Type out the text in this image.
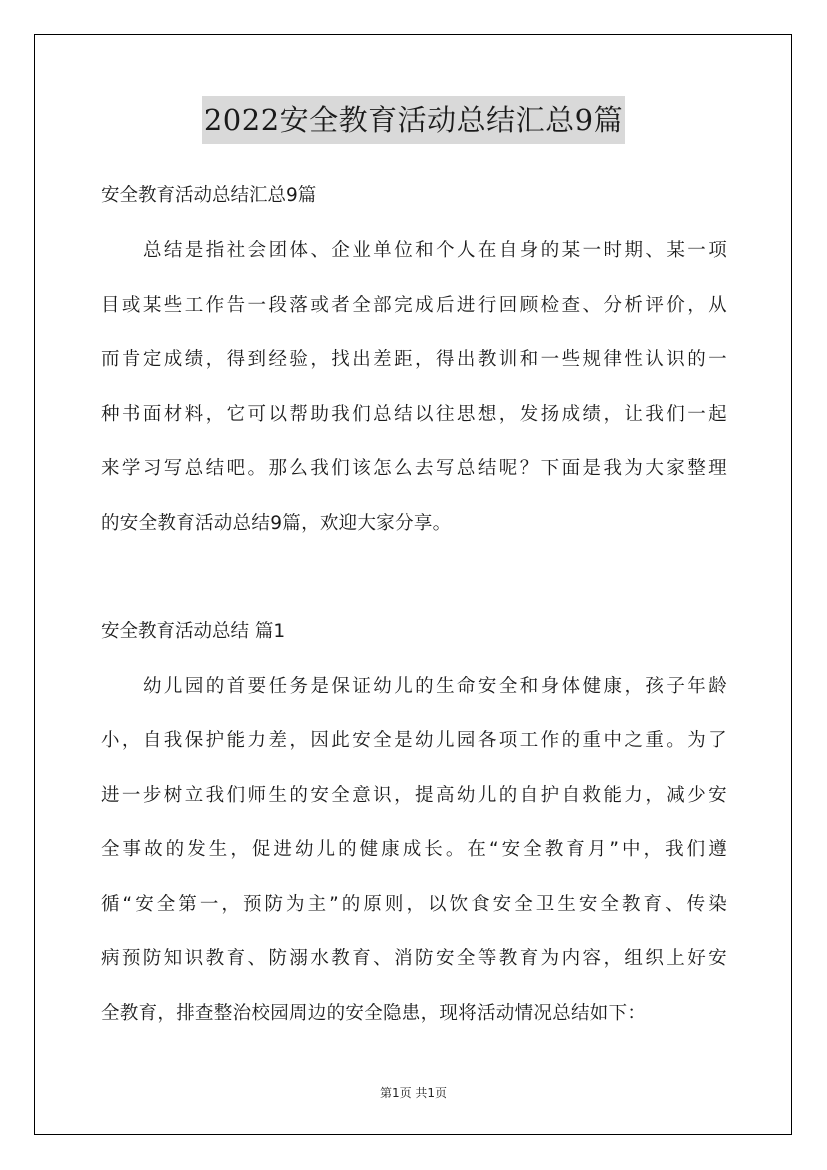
2022安全教育活动总结汇总9篇
安全教育活动总结汇总9篇
总结是指社会团体、企业单位和个人在自身的某一时期、某一项
目或某些工作告一段落或者全部完成后进行回顾检查、分析评价，从
而肯定成绩，得到经验，找出差距，得出教训和一些规律性认识的一
种书面材料，它可以帮助我们总结以往思想，发扬成绩，让我们一起
来学习写总结吧。那么我们该怎么去写总结呢？下面是我为大家整理
的安全教育活动总结9篇，欢迎大家分享。
安全教育活动总结 篇1
幼儿园的首要任务是保证幼儿的生命安全和身体健康，孩子年龄
小，自我保护能力差，因此安全是幼儿园各项工作的重中之重。为了
进一步树立我们师生的安全意识，提高幼儿的自护自救能力，减少安
全事故的发生，促进幼儿的健康成长。在“安全教育月”中，我们遵
循“安全第一，预防为主”的原则，以饮食安全卫生安全教育、传染
病预防知识教育、防溺水教育、消防安全等教育为内容，组织上好安
全教育，排查整治校园周边的安全隐患，现将活动情况总结如下：
第1页 共1页
